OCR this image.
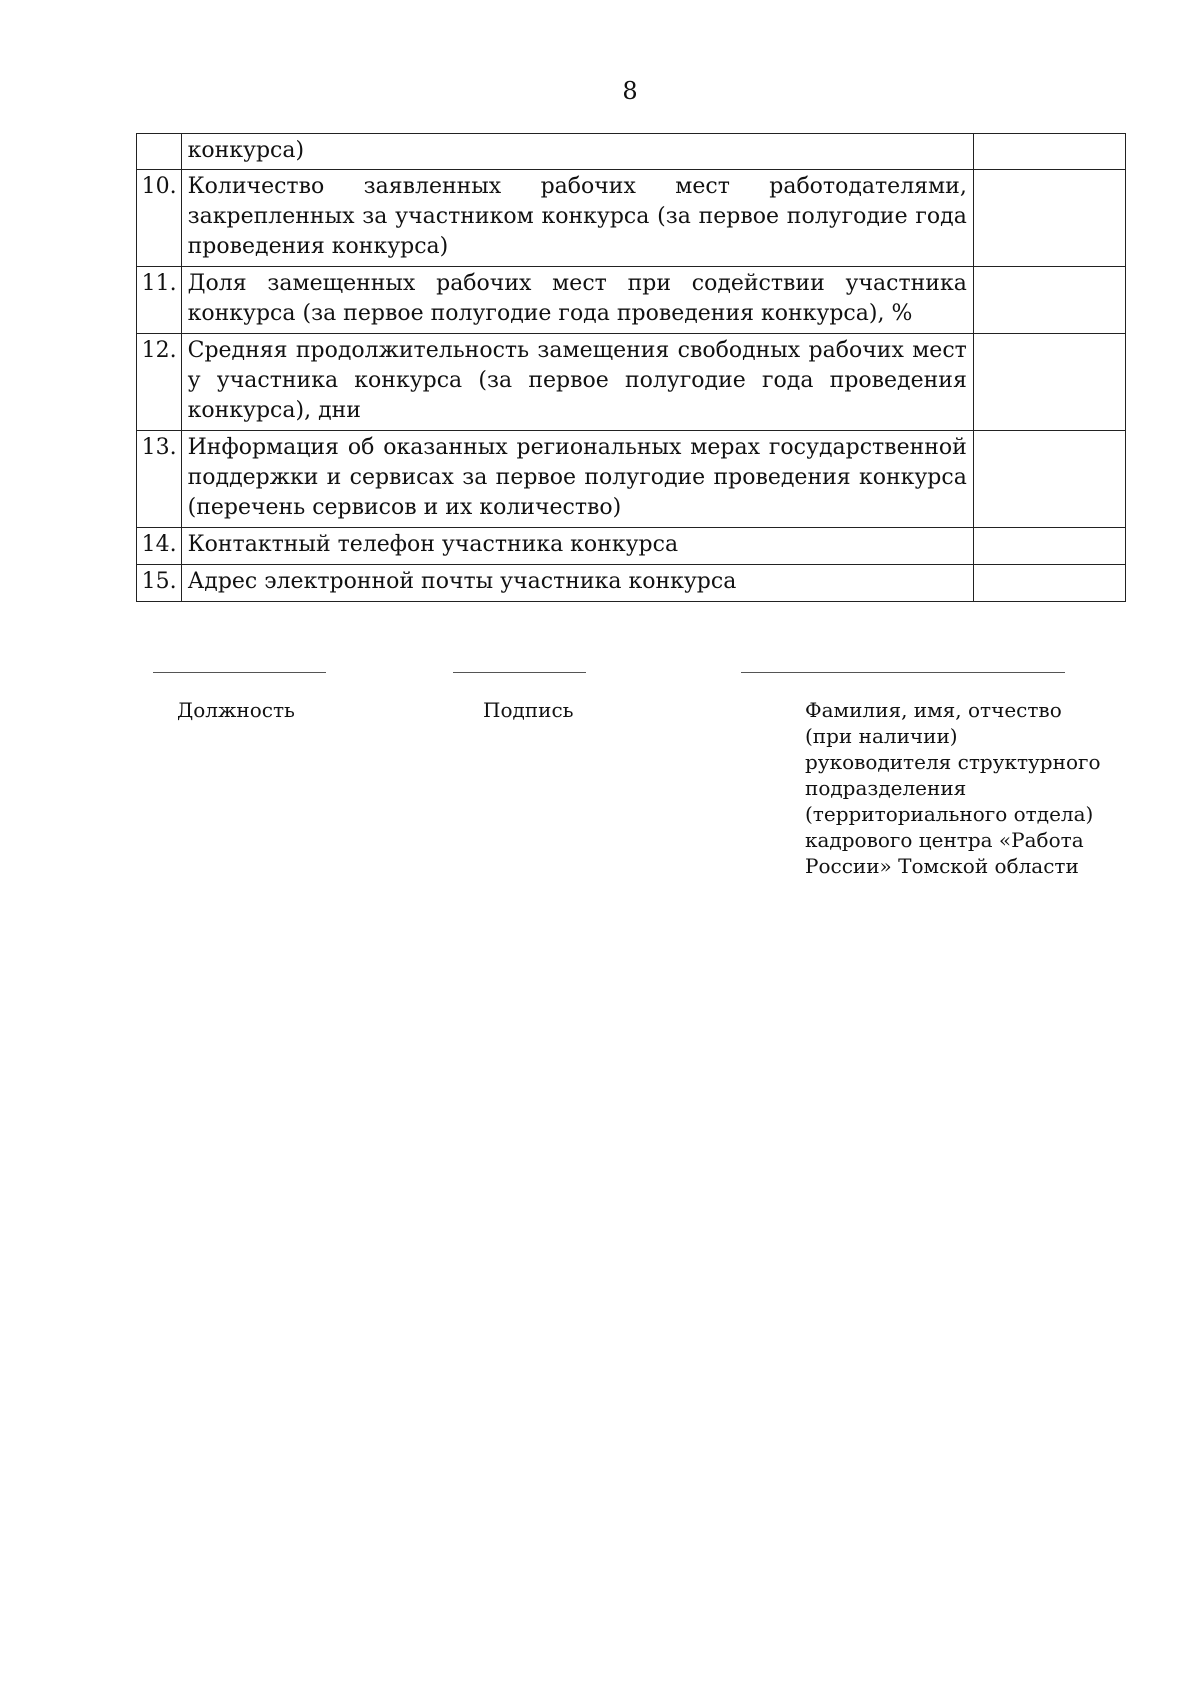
8
	конкурса)	
10.	Количество заявленных рабочих мест работодателями, закрепленных за участником конкурса (за первое полугодие года проведения конкурса)	
11.	Доля замещенных рабочих мест при содействии участника конкурса (за первое полугодие года проведения конкурса), %	
12.	Средняя продолжительность замещения свободных рабочих мест у участника конкурса (за первое полугодие года проведения конкурса), дни	
13.	Информация об оказанных региональных мерах государственной поддержки и сервисах за первое полугодие проведения конкурса (перечень сервисов и их количество)	
14.	Контактный телефон участника конкурса	
15.	Адрес электронной почты участника конкурса	
Должность	Подпись	Фамилия, имя, отчество (при наличии) руководителя структурного подразделения (территориального отдела) кадрового центра «Работа России» Томской области
